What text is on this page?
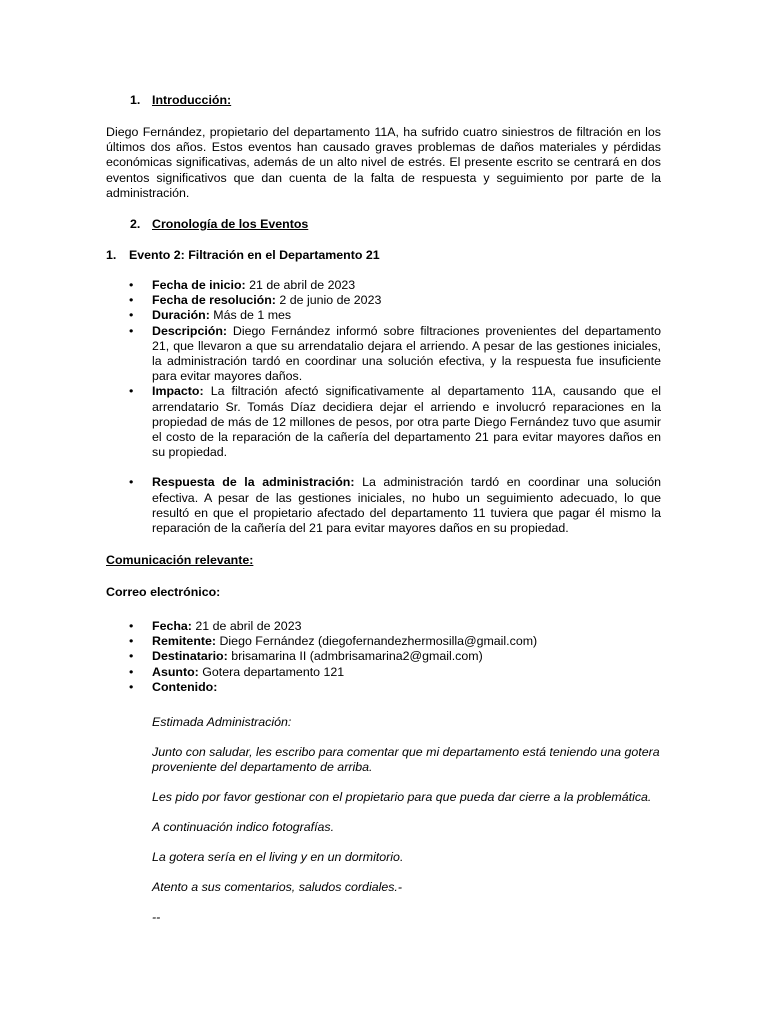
1. Introducción:

Diego Fernández, propietario del departamento 11A, ha sufrido cuatro siniestros de filtración en los últimos dos años. Estos eventos han causado graves problemas de daños materiales y pérdidas económicas significativas, además de un alto nivel de estrés. El presente escrito se centrará en dos eventos significativos que dan cuenta de la falta de respuesta y seguimiento por parte de la administración.

2. Cronología de los Eventos
1. Evento 2: Filtración en el Departamento 21
• Fecha de inicio: 21 de abril de 2023
• Fecha de resolución: 2 de junio de 2023
• Duración: Más de 1 mes
• Descripción: Diego Fernández informó sobre filtraciones provenientes del departamento 21, que llevaron a que su arrendatalio dejara el arriendo. A pesar de las gestiones iniciales, la administración tardó en coordinar una solución efectiva, y la respuesta fue insuficiente para evitar mayores daños.
• Impacto: La filtración afectó significativamente al departamento 11A, causando que el arrendatario Sr. Tomás Díaz decidiera dejar el arriendo e involucró reparaciones en la propiedad de más de 12 millones de pesos, por otra parte Diego Fernández tuvo que asumir el costo de la reparación de la cañería del departamento 21 para evitar mayores daños en su propiedad.
• Respuesta de la administración: La administración tardó en coordinar una solución efectiva. A pesar de las gestiones iniciales, no hubo un seguimiento adecuado, lo que resultó en que el propietario afectado del departamento 11 tuviera que pagar él mismo la reparación de la cañería del 21 para evitar mayores daños en su propiedad.
Comunicación relevante:
Correo electrónico:
• Fecha: 21 de abril de 2023
• Remitente: Diego Fernández (diegofernandezhermosilla@gmail.com)
• Destinatario: brisamarina II (admbrisamarina2@gmail.com)
• Asunto: Gotera departamento 121
• Contenido:

Estimada Administración:

Junto con saludar, les escribo para comentar que mi departamento está teniendo una gotera proveniente del departamento de arriba.

Les pido por favor gestionar con el propietario para que pueda dar cierre a la problemática.

A continuación indico fotografías.

La gotera sería en el living y en un dormitorio.

Atento a sus comentarios, saludos cordiales.-

--
